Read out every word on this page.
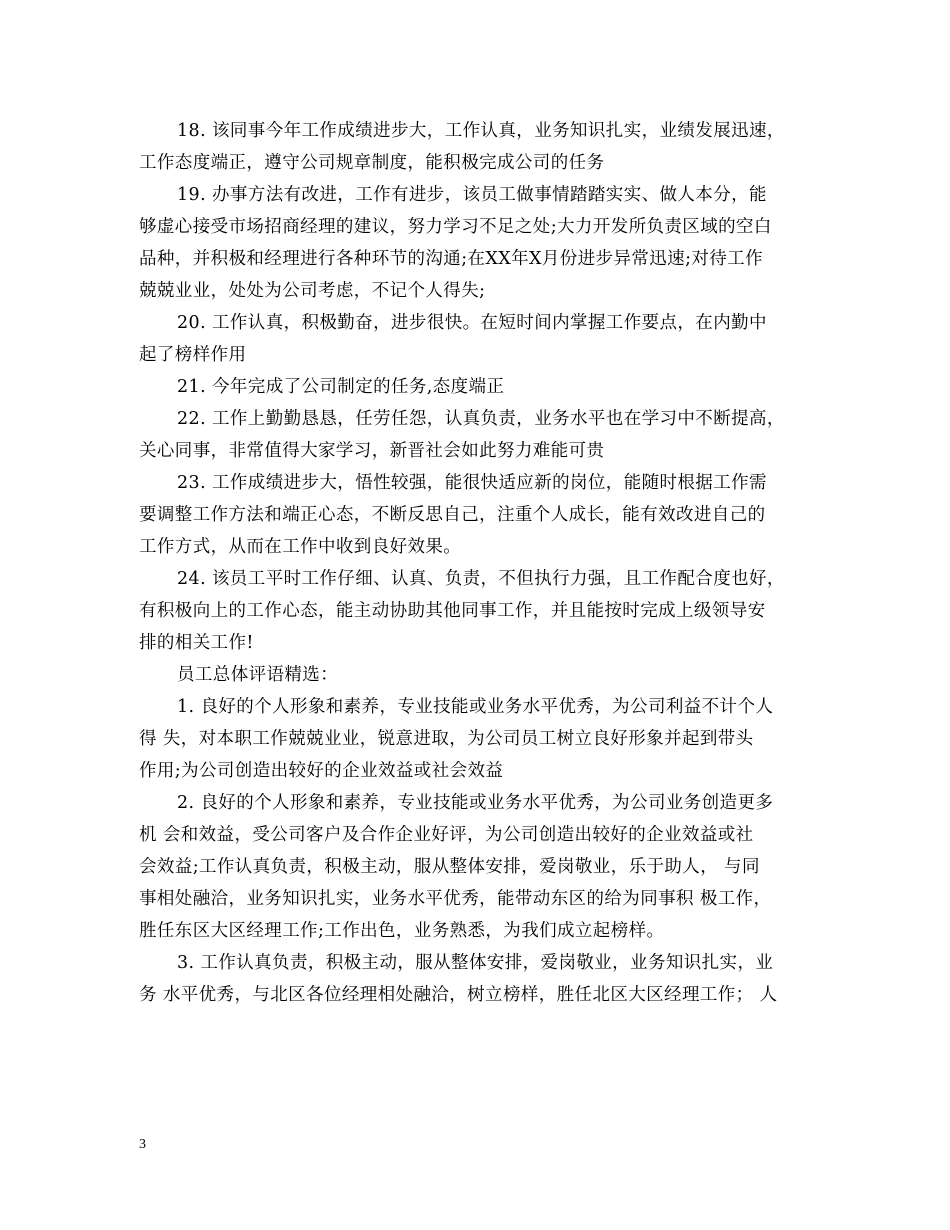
18. 该同事今年工作成绩进步大，工作认真，业务知识扎实，业绩发展迅速，
工作态度端正，遵守公司规章制度，能积极完成公司的任务

19. 办事方法有改进，工作有进步，该员工做事情踏踏实实、做人本分，能
够虚心接受市场招商经理的建议，努力学习不足之处;大力开发所负责区域的空白
品种，并积极和经理进行各种环节的沟通;在XX年X月份进步异常迅速;对待工作
兢兢业业，处处为公司考虑，不记个人得失;

20. 工作认真，积极勤奋，进步很快。在短时间内掌握工作要点，在内勤中
起了榜样作用

21. 今年完成了公司制定的任务,态度端正

22. 工作上勤勤恳恳，任劳任怨，认真负责，业务水平也在学习中不断提高，
关心同事，非常值得大家学习，新晋社会如此努力难能可贵

23. 工作成绩进步大，悟性较强，能很快适应新的岗位，能随时根据工作需
要调整工作方法和端正心态，不断反思自己，注重个人成长，能有效改进自己的
工作方式，从而在工作中收到良好效果。

24. 该员工平时工作仔细、认真、负责，不但执行力强，且工作配合度也好，
有积极向上的工作心态，能主动协助其他同事工作，并且能按时完成上级领导安
排的相关工作!

员工总体评语精选：

1. 良好的个人形象和素养，专业技能或业务水平优秀，为公司利益不计个人
得 失，对本职工作兢兢业业，锐意进取，为公司员工树立良好形象并起到带头
作用;为公司创造出较好的企业效益或社会效益

2. 良好的个人形象和素养，专业技能或业务水平优秀，为公司业务创造更多
机 会和效益，受公司客户及合作企业好评，为公司创造出较好的企业效益或社
会效益;工作认真负责，积极主动，服从整体安排，爱岗敬业，乐于助人， 与同
事相处融洽，业务知识扎实，业务水平优秀，能带动东区的给为同事积 极工作，
胜任东区大区经理工作;工作出色，业务熟悉，为我们成立起榜样。

3. 工作认真负责，积极主动，服从整体安排，爱岗敬业，业务知识扎实，业
务 水平优秀，与北区各位经理相处融洽，树立榜样，胜任北区大区经理工作； 人

3
